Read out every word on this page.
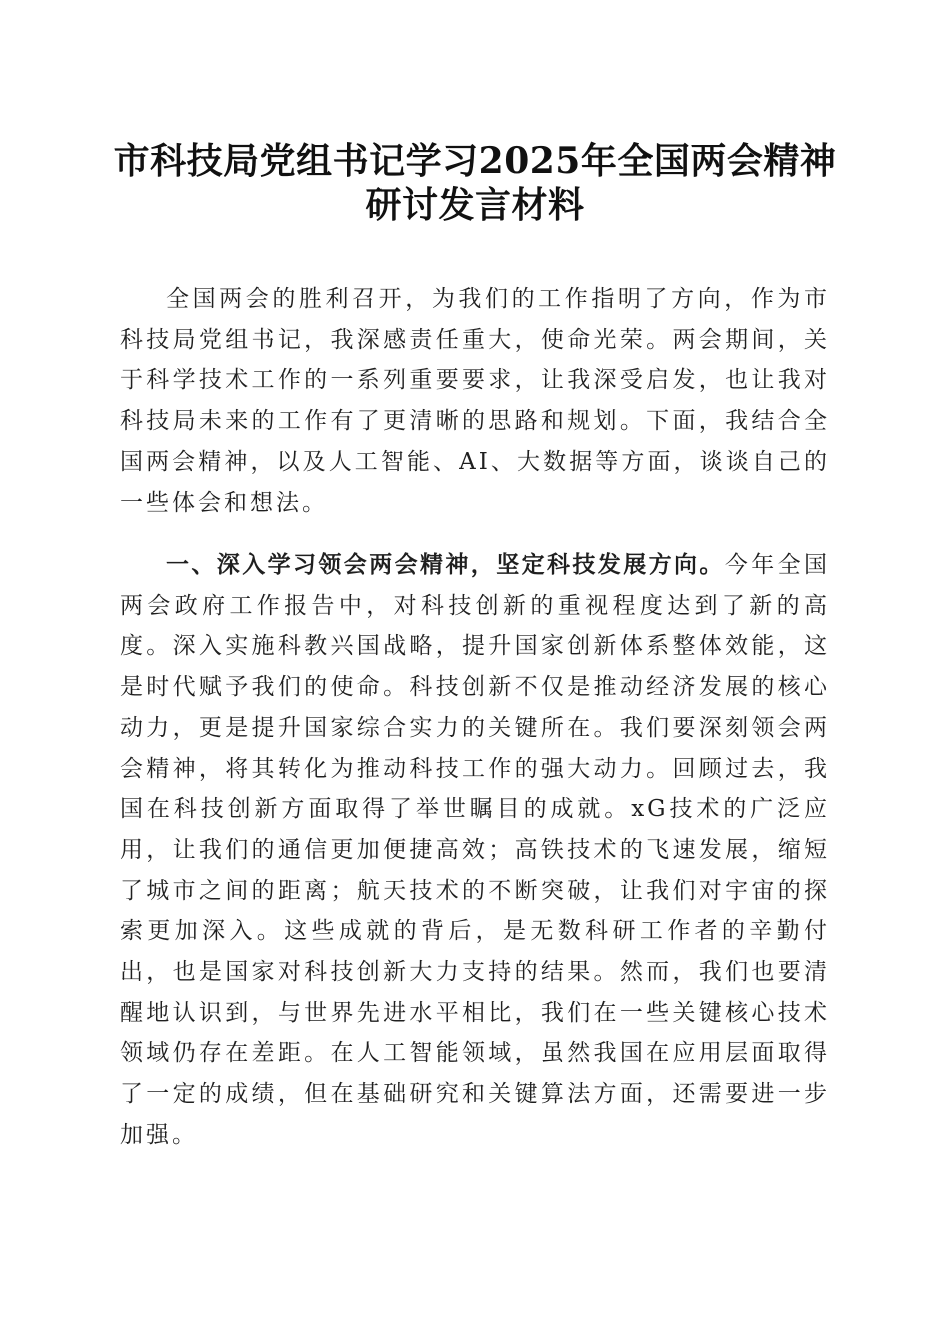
市科技局党组书记学习2025年全国两会精神
研讨发言材料

全国两会的胜利召开，为我们的工作指明了方向，作为市科技局党组书记，我深感责任重大，使命光荣。两会期间，关于科学技术工作的一系列重要要求，让我深受启发，也让我对科技局未来的工作有了更清晰的思路和规划。下面，我结合全国两会精神，以及人工智能、AI、大数据等方面，谈谈自己的一些体会和想法。

一、深入学习领会两会精神，坚定科技发展方向。今年全国两会政府工作报告中，对科技创新的重视程度达到了新的高度。深入实施科教兴国战略，提升国家创新体系整体效能，这是时代赋予我们的使命。科技创新不仅是推动经济发展的核心动力，更是提升国家综合实力的关键所在。我们要深刻领会两会精神，将其转化为推动科技工作的强大动力。回顾过去，我国在科技创新方面取得了举世瞩目的成就。xG技术的广泛应用，让我们的通信更加便捷高效；高铁技术的飞速发展，缩短了城市之间的距离；航天技术的不断突破，让我们对宇宙的探索更加深入。这些成就的背后，是无数科研工作者的辛勤付出，也是国家对科技创新大力支持的结果。然而，我们也要清醒地认识到，与世界先进水平相比，我们在一些关键核心技术领域仍存在差距。在人工智能领域，虽然我国在应用层面取得了一定的成绩，但在基础研究和关键算法方面，还需要进一步加强。
